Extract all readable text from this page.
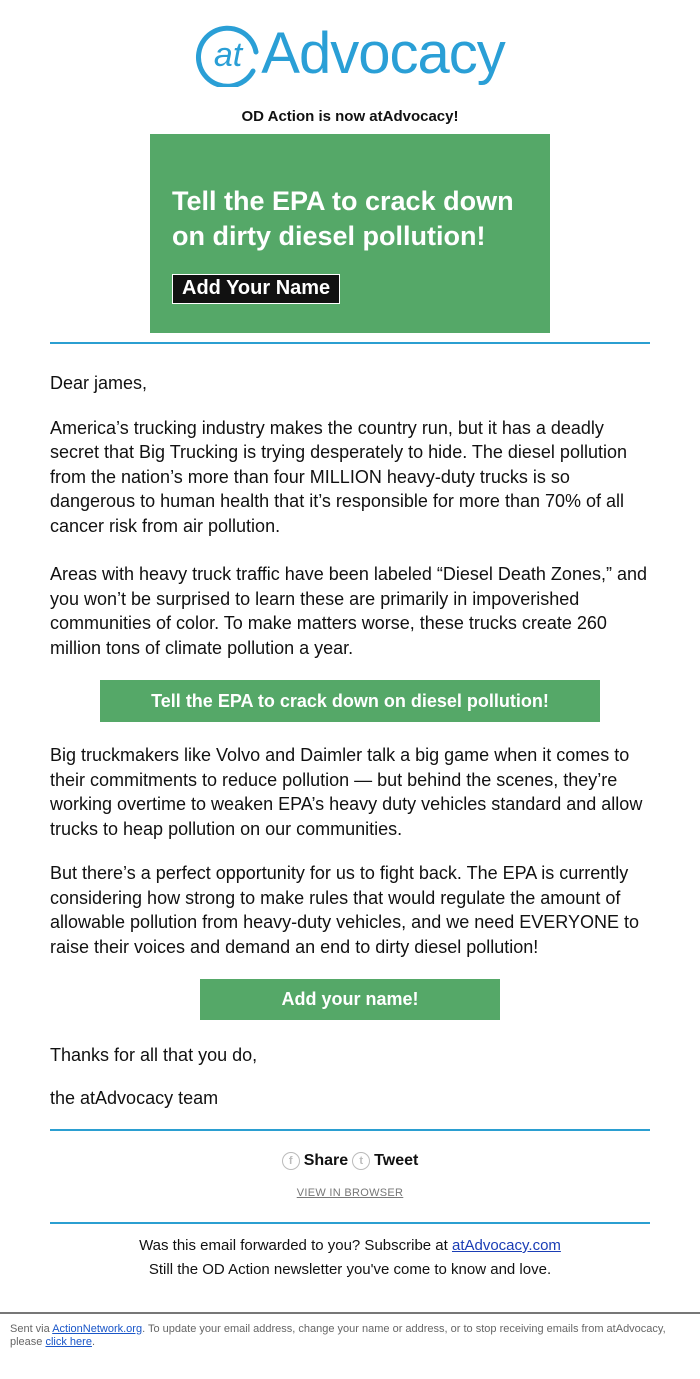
at Advocacy
OD Action is now atAdvocacy!

Tell the EPA to crack down on dirty diesel pollution!

Add Your Name

Dear james,

America’s trucking industry makes the country run, but it has a deadly secret that Big Trucking is trying desperately to hide. The diesel pollution from the nation’s more than four MILLION heavy-duty trucks is so dangerous to human health that it’s responsible for more than 70% of all cancer risk from air pollution.

Areas with heavy truck traffic have been labeled “Diesel Death Zones,” and you won’t be surprised to learn these are primarily in impoverished communities of color. To make matters worse, these trucks create 260 million tons of climate pollution a year.

Tell the EPA to crack down on diesel pollution!

Big truckmakers like Volvo and Daimler talk a big game when it comes to their commitments to reduce pollution — but behind the scenes, they’re working overtime to weaken EPA’s heavy duty vehicles standard and allow trucks to heap pollution on our communities.

But there’s a perfect opportunity for us to fight back. The EPA is currently considering how strong to make rules that would regulate the amount of allowable pollution from heavy-duty vehicles, and we need EVERYONE to raise their voices and demand an end to dirty diesel pollution!

Add your name!

Thanks for all that you do,

the atAdvocacy team

f Share	t Tweet
VIEW IN BROWSER
Was this email forwarded to you? Subscribe at atAdvocacy.com
Still the OD Action newsletter you've come to know and love.
Sent via ActionNetwork.org. To update your email address, change your name or address, or to stop receiving emails from atAdvocacy, please click here.
